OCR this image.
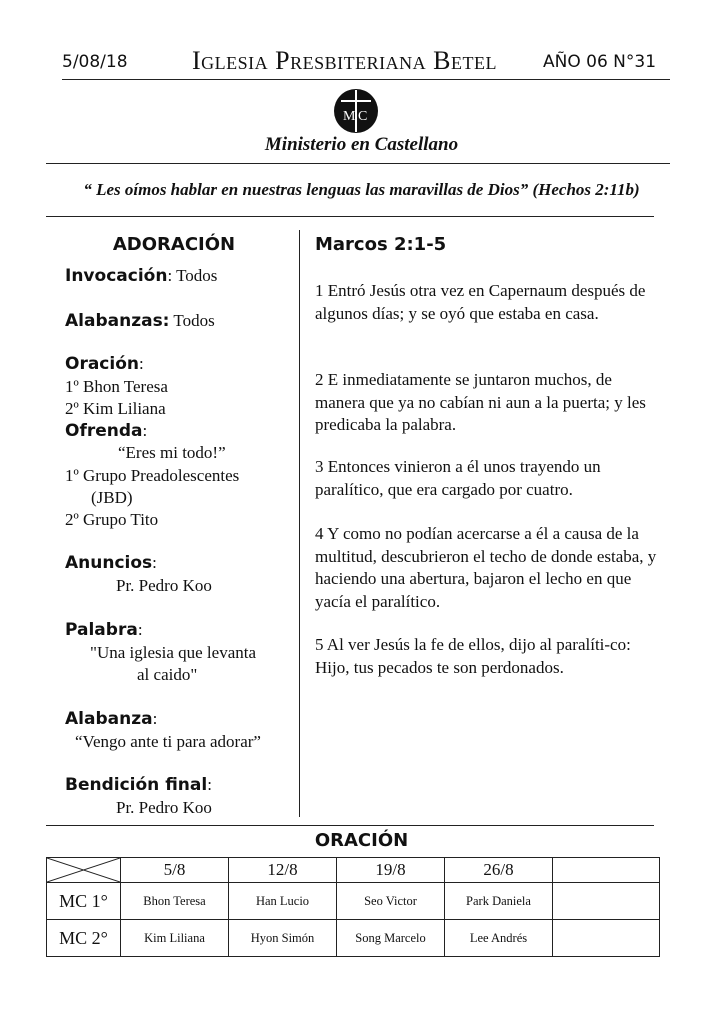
5/08/18 Iglesia Presbiteriana Betel	AÑO 06 N°31
M C
Ministerio en Castellano
“ Les oímos hablar en nuestras lenguas las maravillas de Dios” (Hechos 2:11b)
ADORACIÓN
Invocación: Todos
Alabanzas: Todos
Oración:
1º Bhon Teresa
2º Kim Liliana
Ofrenda:
“Eres mi todo!”
1º Grupo Preadolescentes
(JBD)
2º Grupo Tito
Anuncios:
Pr. Pedro Koo
Palabra:
"Una iglesia que levanta
al caido"
Alabanza:
“Vengo ante ti para adorar”
Bendición final:
Pr. Pedro Koo
Marcos 2:1-5
1 Entró Jesús otra vez en Capernaum después de algunos días; y se oyó que estaba en casa.
2 E inmediatamente se juntaron muchos, de manera que ya no cabían ni aun a la puerta; y les predicaba la palabra.
3 Entonces vinieron a él unos trayendo un paralítico, que era cargado por cuatro.
4 Y como no podían acercarse a él a causa de la multitud, descubrieron el techo de donde estaba, y haciendo una abertura, bajaron el lecho en que yacía el paralítico.
5 Al ver Jesús la fe de ellos, dijo al paralíti-co: Hijo, tus pecados te son perdonados.
ORACIÓN
	5/8	12/8	19/8	26/8	
MC 1°	Bhon Teresa	Han Lucio	Seo Victor	Park Daniela	
MC 2°	Kim Liliana	Hyon Simón	Song Marcelo	Lee Andrés	
